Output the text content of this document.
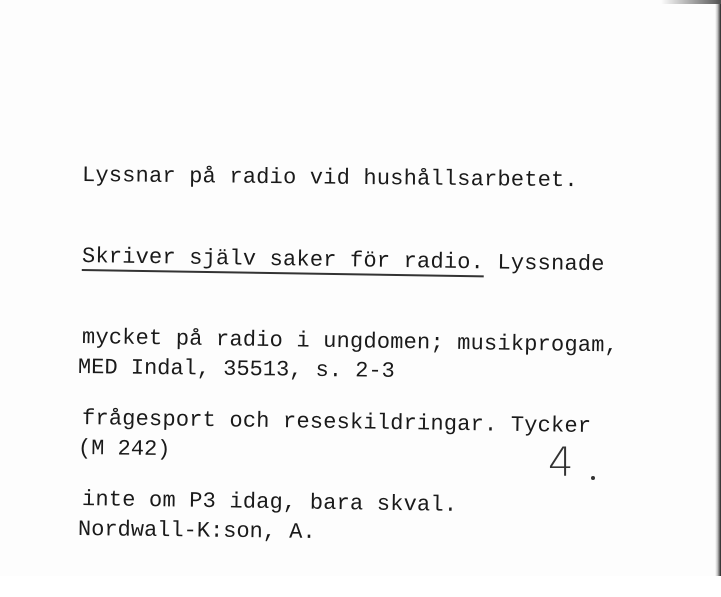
Lyssnar på radio vid hushållsarbetet.

Skriver själv saker för radio. Lyssnade

mycket på radio i ungdomen; musikprogam,

frågesport och reseskildringar. Tycker

inte om P3 idag, bara skval.

MED Indal, 35513, s. 2-3

(M 242)

Nordwall-K:son, A.

4
